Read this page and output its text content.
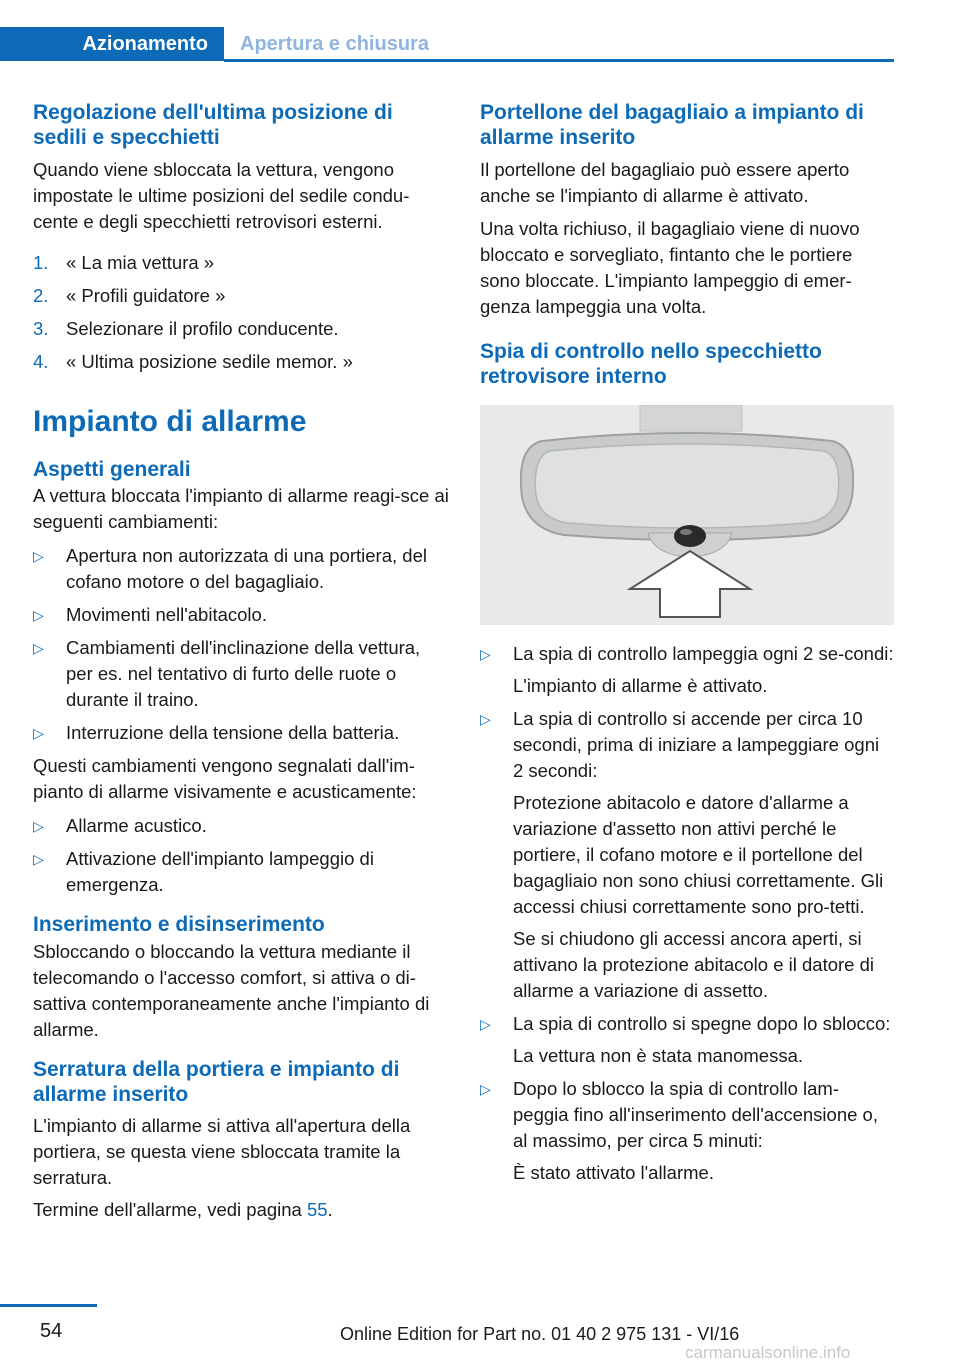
Azionamento	Apertura e chiusura
Regolazione dell'ultima posizione di sedili e specchietti

Quando viene sbloccata la vettura, vengono impostate le ultime posizioni del sedile condu-cente e degli specchietti retrovisori esterni.

1. « La mia vettura »
2. « Profili guidatore »
3. Selezionare il profilo conducente.
4. « Ultima posizione sedile memor. »
Impianto di allarme
Aspetti generali

A vettura bloccata l'impianto di allarme reagi-sce ai seguenti cambiamenti:

▷ Apertura non autorizzata di una portiera, del cofano motore o del bagagliaio.
▷ Movimenti nell'abitacolo.
▷ Cambiamenti dell'inclinazione della vettura, per es. nel tentativo di furto delle ruote o durante il traino.
▷ Interruzione della tensione della batteria.

Questi cambiamenti vengono segnalati dall'im-pianto di allarme visivamente e acusticamente:

▷ Allarme acustico.
▷ Attivazione dell'impianto lampeggio di emergenza.
Inserimento e disinserimento

Sbloccando o bloccando la vettura mediante il telecomando o l'accesso comfort, si attiva o di-sattiva contemporaneamente anche l'impianto di allarme.

Serratura della portiera e impianto di allarme inserito

L'impianto di allarme si attiva all'apertura della portiera, se questa viene sbloccata tramite la serratura.

Termine dell'allarme, vedi pagina 55.

Portellone del bagagliaio a impianto di allarme inserito

Il portellone del bagagliaio può essere aperto anche se l'impianto di allarme è attivato.

Una volta richiuso, il bagagliaio viene di nuovo bloccato e sorvegliato, fintanto che le portiere sono bloccate. L'impianto lampeggio di emer-genza lampeggia una volta.

Spia di controllo nello specchietto retrovisore interno
▷ La spia di controllo lampeggia ogni 2 se-condi:

L'impianto di allarme è attivato.

▷ La spia di controllo si accende per circa 10 secondi, prima di iniziare a lampeggiare ogni 2 secondi:

Protezione abitacolo e datore d'allarme a variazione d'assetto non attivi perché le portiere, il cofano motore e il portellone del bagagliaio non sono chiusi correttamente. Gli accessi chiusi correttamente sono pro-tetti.

Se si chiudono gli accessi ancora aperti, si attivano la protezione abitacolo e il datore di allarme a variazione di assetto.

▷ La spia di controllo si spegne dopo lo sblocco:

La vettura non è stata manomessa.

▷ Dopo lo sblocco la spia di controllo lam-peggia fino all'inserimento dell'accensione o, al massimo, per circa 5 minuti:

È stato attivato l'allarme.

54	Online Edition for Part no. 01 40 2 975 131 - VI/16
carmanualsonline.info
